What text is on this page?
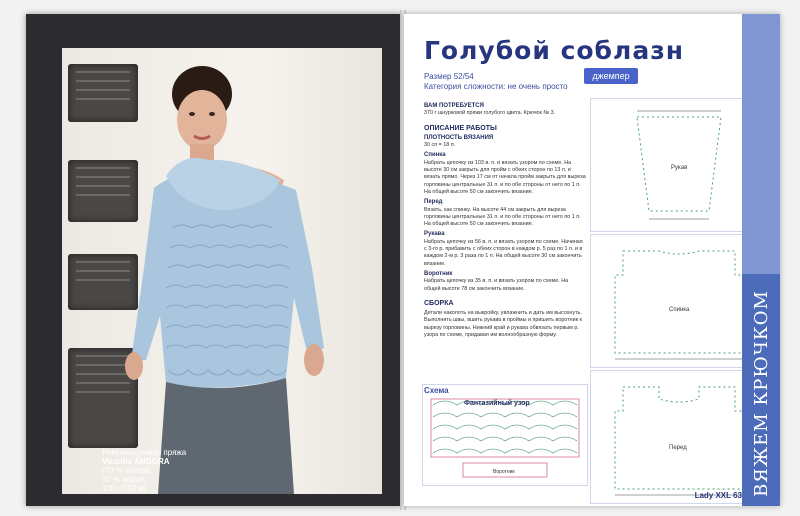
Рекомендуемая пряжа
Vizantia ANGORA
(70 % ангора,
30 % акрил,
100 г/550 м)
Голубой соблазн
Размер 52/54
Категория сложности: не очень просто
джемпер
ВАМ ПОТРЕБУЕТСЯ

370 г шнурковой пряжи голубого цвета. Крючок № 3.

ОПИСАНИЕ РАБОТЫ
ПЛОТНОСТЬ ВЯЗАНИЯ

30 сп = 18 п.

Спинка

Набрать цепочку из 103 в. п. и вязать узором по схеме. На высоте 30 см закрыть для пройм с обеих сторон по 13 п. и вязать прямо. Через 17 см от начала пройм закрыть для выреза горловины центральные 31 п. и по обе стороны от него по 1 п. На общей высоте 50 см закончить вязание.

Перед

Вязать, как спинку. На высоте 44 см закрыть для выреза горловины центральные 31 п. и по обе стороны от него по 1 п. На общей высоте 50 см закончить вязание.

Рукава

Набрать цепочку из 56 в. п. и вязать узором по схеме. Начиная с 3-го р. прибавить с обеих сторон в каждом р. 5 раз по 1 п. и в каждом 2-м р. 3 раза по 1 п. На общей высоте 30 см закончить вязание.

Воротник

Набрать цепочку из 35 в. п. и вязать узором по схеме. На общей высоте 78 см закончить вязание.

СБОРКА

Детали наколоть на выкройку, увлажнить и дать им высохнуть. Выполнить швы, вшить рукава в проймы и пришить воротник к вырезу горловины. Нижний край и рукава обвязать первым р. узора по схеме, придавая им волнообразную форму.

Рукав
Спинка
Перед
Воротник
Схема
Фантазийный узор	ВЯЖЕМ КРЮЧКОМ
Lady XXL 63
